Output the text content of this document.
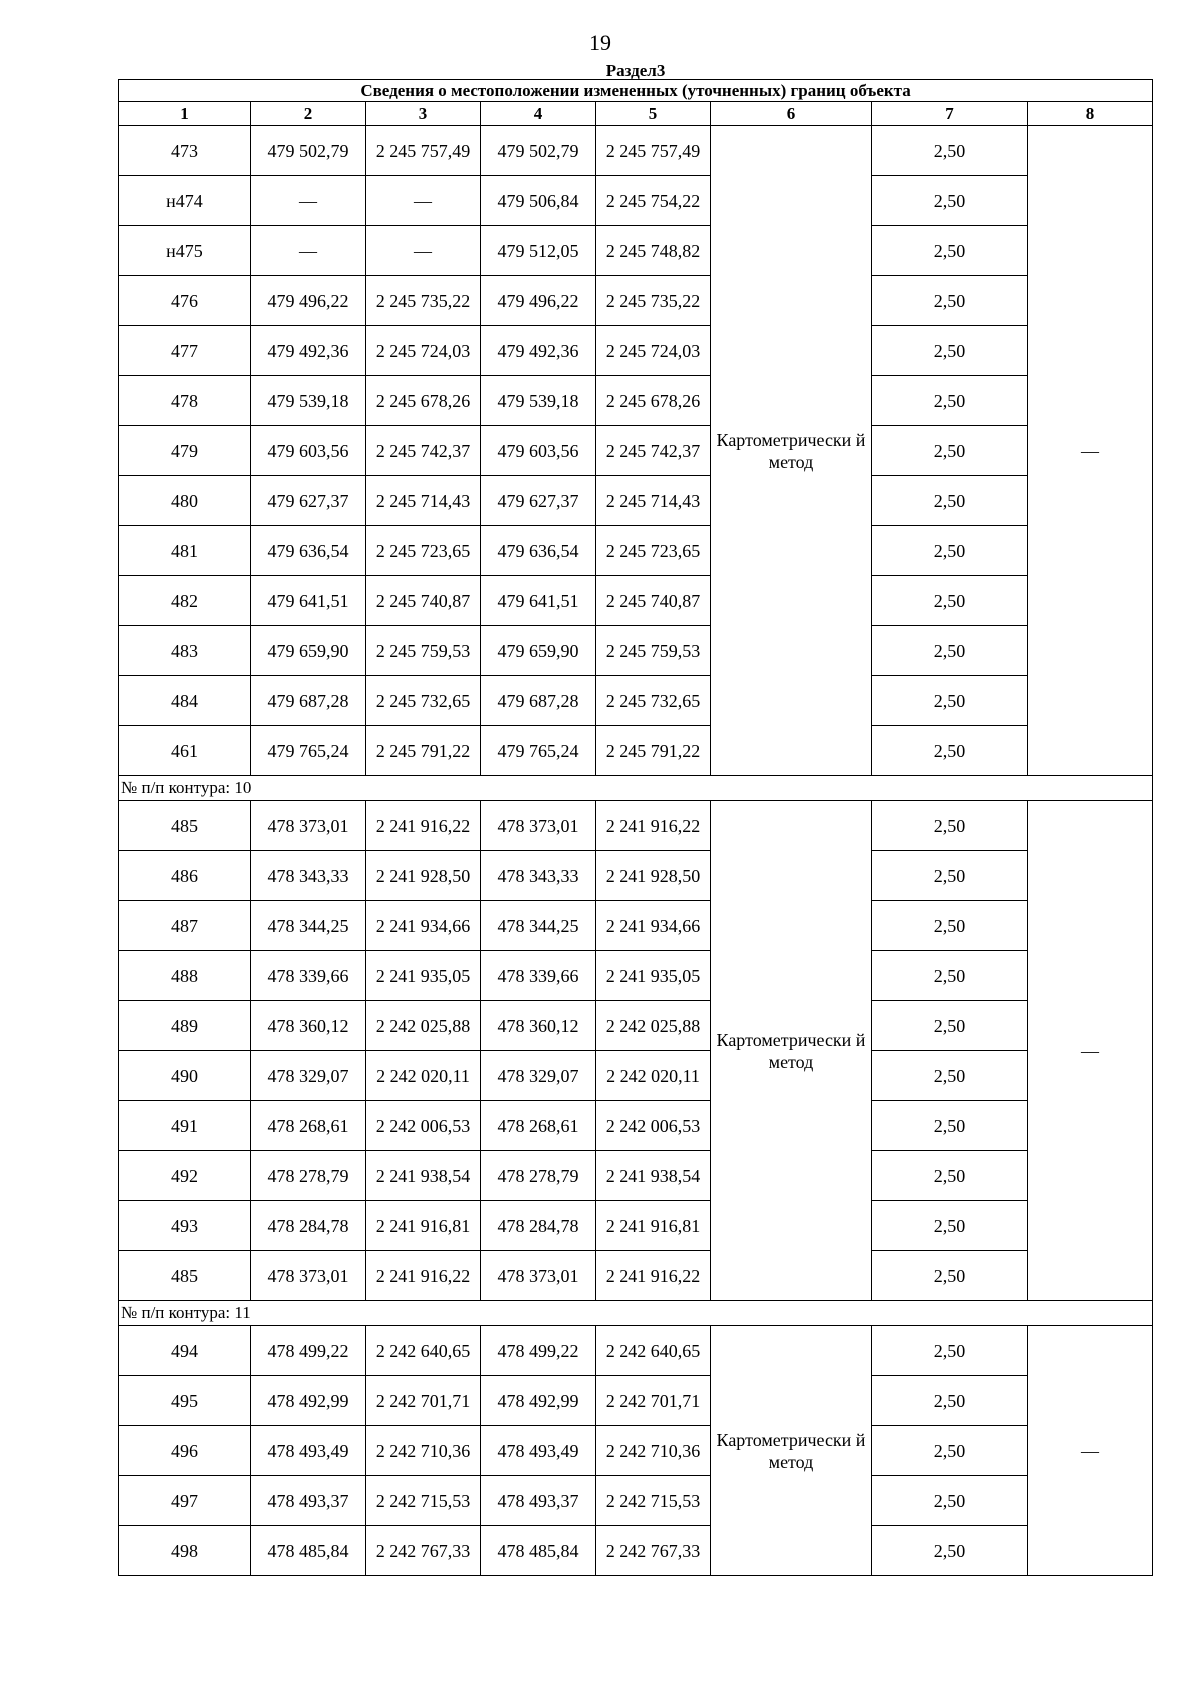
19
Раздел3							
Сведения о местоположении измененных (уточненных) границ объекта							
1	2	3	4	5	6	7	8
473	479 502,79	2 245 757,49	479 502,79	2 245 757,49	Картометрически й метод	2,50	—
н474	—	—	479 506,84	2 245 754,22		2,50	
н475	—	—	479 512,05	2 245 748,82		2,50	
476	479 496,22	2 245 735,22	479 496,22	2 245 735,22		2,50	
477	479 492,36	2 245 724,03	479 492,36	2 245 724,03		2,50	
478	479 539,18	2 245 678,26	479 539,18	2 245 678,26		2,50	
479	479 603,56	2 245 742,37	479 603,56	2 245 742,37		2,50	
480	479 627,37	2 245 714,43	479 627,37	2 245 714,43		2,50	
481	479 636,54	2 245 723,65	479 636,54	2 245 723,65		2,50	
482	479 641,51	2 245 740,87	479 641,51	2 245 740,87		2,50	
483	479 659,90	2 245 759,53	479 659,90	2 245 759,53		2,50	
484	479 687,28	2 245 732,65	479 687,28	2 245 732,65		2,50	
461	479 765,24	2 245 791,22	479 765,24	2 245 791,22		2,50	
№ п/п контура: 10							
485	478 373,01	2 241 916,22	478 373,01	2 241 916,22	Картометрически й метод	2,50	—
486	478 343,33	2 241 928,50	478 343,33	2 241 928,50		2,50	
487	478 344,25	2 241 934,66	478 344,25	2 241 934,66		2,50	
488	478 339,66	2 241 935,05	478 339,66	2 241 935,05		2,50	
489	478 360,12	2 242 025,88	478 360,12	2 242 025,88		2,50	
490	478 329,07	2 242 020,11	478 329,07	2 242 020,11		2,50	
491	478 268,61	2 242 006,53	478 268,61	2 242 006,53		2,50	
492	478 278,79	2 241 938,54	478 278,79	2 241 938,54		2,50	
493	478 284,78	2 241 916,81	478 284,78	2 241 916,81		2,50	
485	478 373,01	2 241 916,22	478 373,01	2 241 916,22		2,50	
№ п/п контура: 11							
494	478 499,22	2 242 640,65	478 499,22	2 242 640,65	Картометрически й метод	2,50	—
495	478 492,99	2 242 701,71	478 492,99	2 242 701,71		2,50	
496	478 493,49	2 242 710,36	478 493,49	2 242 710,36		2,50	
497	478 493,37	2 242 715,53	478 493,37	2 242 715,53		2,50	
498	478 485,84	2 242 767,33	478 485,84	2 242 767,33		2,50	
